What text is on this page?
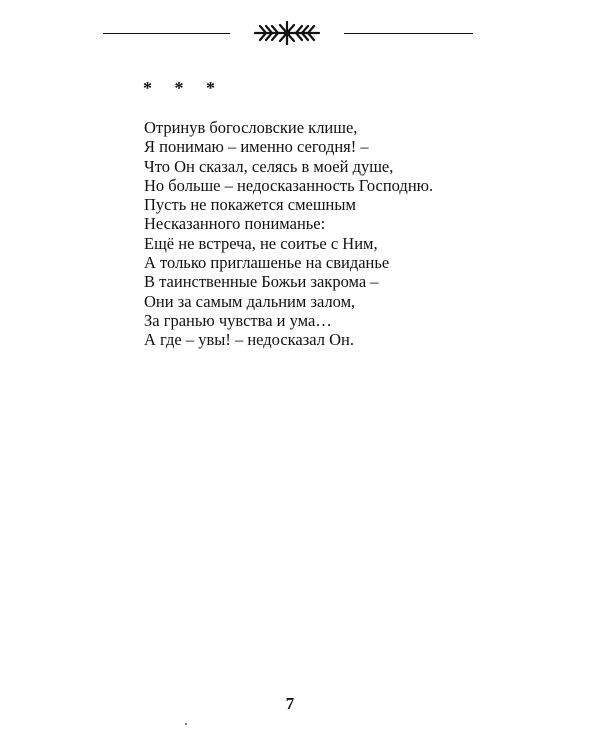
* * *
Отринув богословские клише,
Я понимаю – именно сегодня! –
Что Он сказал, селясь в моей душе,
Но больше – недосказанность Господню.
Пусть не покажется смешным
Несказанного пониманье:
Ещё не встреча, не соитье с Ним,
А только приглашенье на свиданье
В таинственные Божьи закрома –
Они за самым дальним залом,
За гранью чувства и ума…
А где – увы! – недосказал Он.
7
